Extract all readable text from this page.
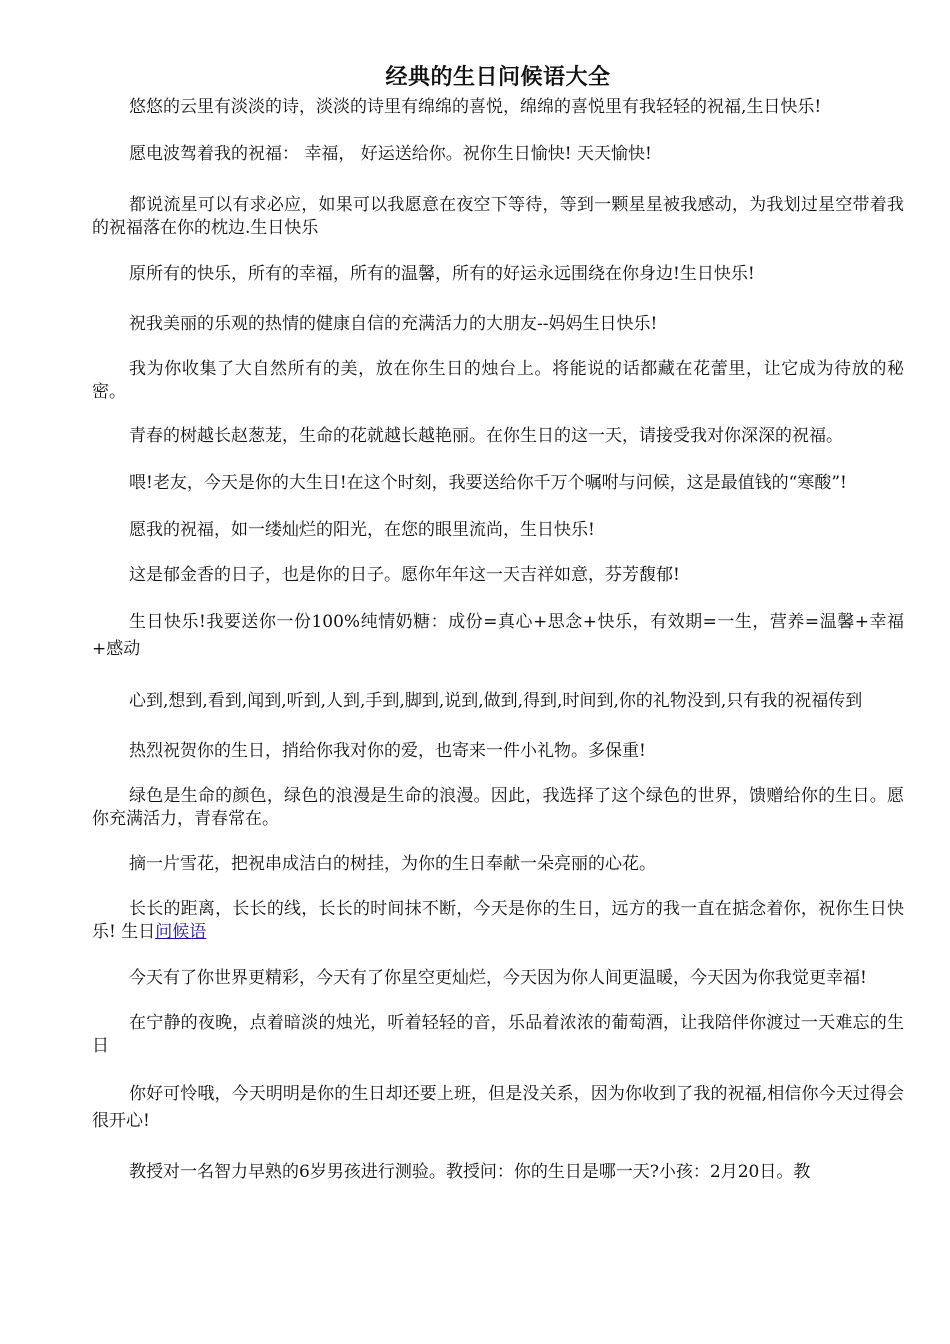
经典的生日问候语大全

悠悠的云里有淡淡的诗，淡淡的诗里有绵绵的喜悦，绵绵的喜悦里有我轻轻的祝福,生日快乐!

愿电波驾着我的祝福： 幸福， 好运送给你。祝你生日愉快! 天天愉快!

都说流星可以有求必应，如果可以我愿意在夜空下等待，等到一颗星星被我感动，为我划过星空带着我的祝福落在你的枕边.生日快乐

原所有的快乐，所有的幸福，所有的温馨，所有的好运永远围绕在你身边!生日快乐!

祝我美丽的乐观的热情的健康自信的充满活力的大朋友--妈妈生日快乐!

我为你收集了大自然所有的美，放在你生日的烛台上。将能说的话都藏在花蕾里，让它成为待放的秘密。

青春的树越长赵葱茏，生命的花就越长越艳丽。在你生日的这一天，请接受我对你深深的祝福。

喂!老友，今天是你的大生日!在这个时刻，我要送给你千万个嘱咐与问候，这是最值钱的“寒酸”!

愿我的祝福，如一缕灿烂的阳光，在您的眼里流尚，生日快乐!

这是郁金香的日子，也是你的日子。愿你年年这一天吉祥如意，芬芳馥郁!

生日快乐!我要送你一份100%纯情奶糖：成份=真心+思念+快乐，有效期=一生，营养=温馨+幸福+感动

心到,想到,看到,闻到,听到,人到,手到,脚到,说到,做到,得到,时间到,你的礼物没到,只有我的祝福传到

热烈祝贺你的生日，捎给你我对你的爱，也寄来一件小礼物。多保重!

绿色是生命的颜色，绿色的浪漫是生命的浪漫。因此，我选择了这个绿色的世界，馈赠给你的生日。愿你充满活力，青春常在。

摘一片雪花，把祝串成洁白的树挂，为你的生日奉献一朵亮丽的心花。

长长的距离，长长的线，长长的时间抹不断，今天是你的生日，远方的我一直在掂念着你，祝你生日快乐! 生日问候语

今天有了你世界更精彩，今天有了你星空更灿烂，今天因为你人间更温暖，今天因为你我觉更幸福!

在宁静的夜晚，点着暗淡的烛光，听着轻轻的音，乐品着浓浓的葡萄酒，让我陪伴你渡过一天难忘的生日

你好可怜哦，今天明明是你的生日却还要上班，但是没关系，因为你收到了我的祝福,相信你今天过得会很开心!

教授对一名智力早熟的6岁男孩进行测验。教授问：你的生日是哪一天?小孩：2月20日。教
